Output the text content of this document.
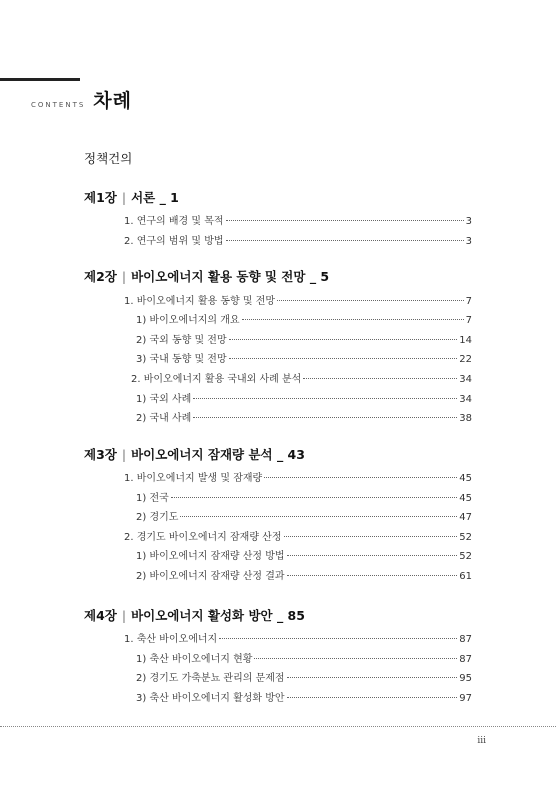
CONTENTS 차례
정책건의
제1장 | 서론 _ 1
1. 연구의 배경 및 목적	3
2. 연구의 범위 및 방법	3
제2장 | 바이오에너지 활용 동향 및 전망 _ 5
1. 바이오에너지 활용 동향 및 전망	7
1) 바이오에너지의 개요	7
2) 국외 동향 및 전망	14
3) 국내 동향 및 전망	22
2. 바이오에너지 활용 국내외 사례 분석	34
1) 국외 사례	34
2) 국내 사례	38
제3장 | 바이오에너지 잠재량 분석 _ 43
1. 바이오에너지 발생 및 잠재량	45
1) 전국	45
2) 경기도	47
2. 경기도 바이오에너지 잠재량 산정	52
1) 바이오에너지 잠재량 산정 방법	52
2) 바이오에너지 잠재량 산정 결과	61
제4장 | 바이오에너지 활성화 방안 _ 85
1. 축산 바이오에너지	87
1) 축산 바이오에너지 현황	87
2) 경기도 가축분뇨 관리의 문제점	95
3) 축산 바이오에너지 활성화 방안	97
iii
